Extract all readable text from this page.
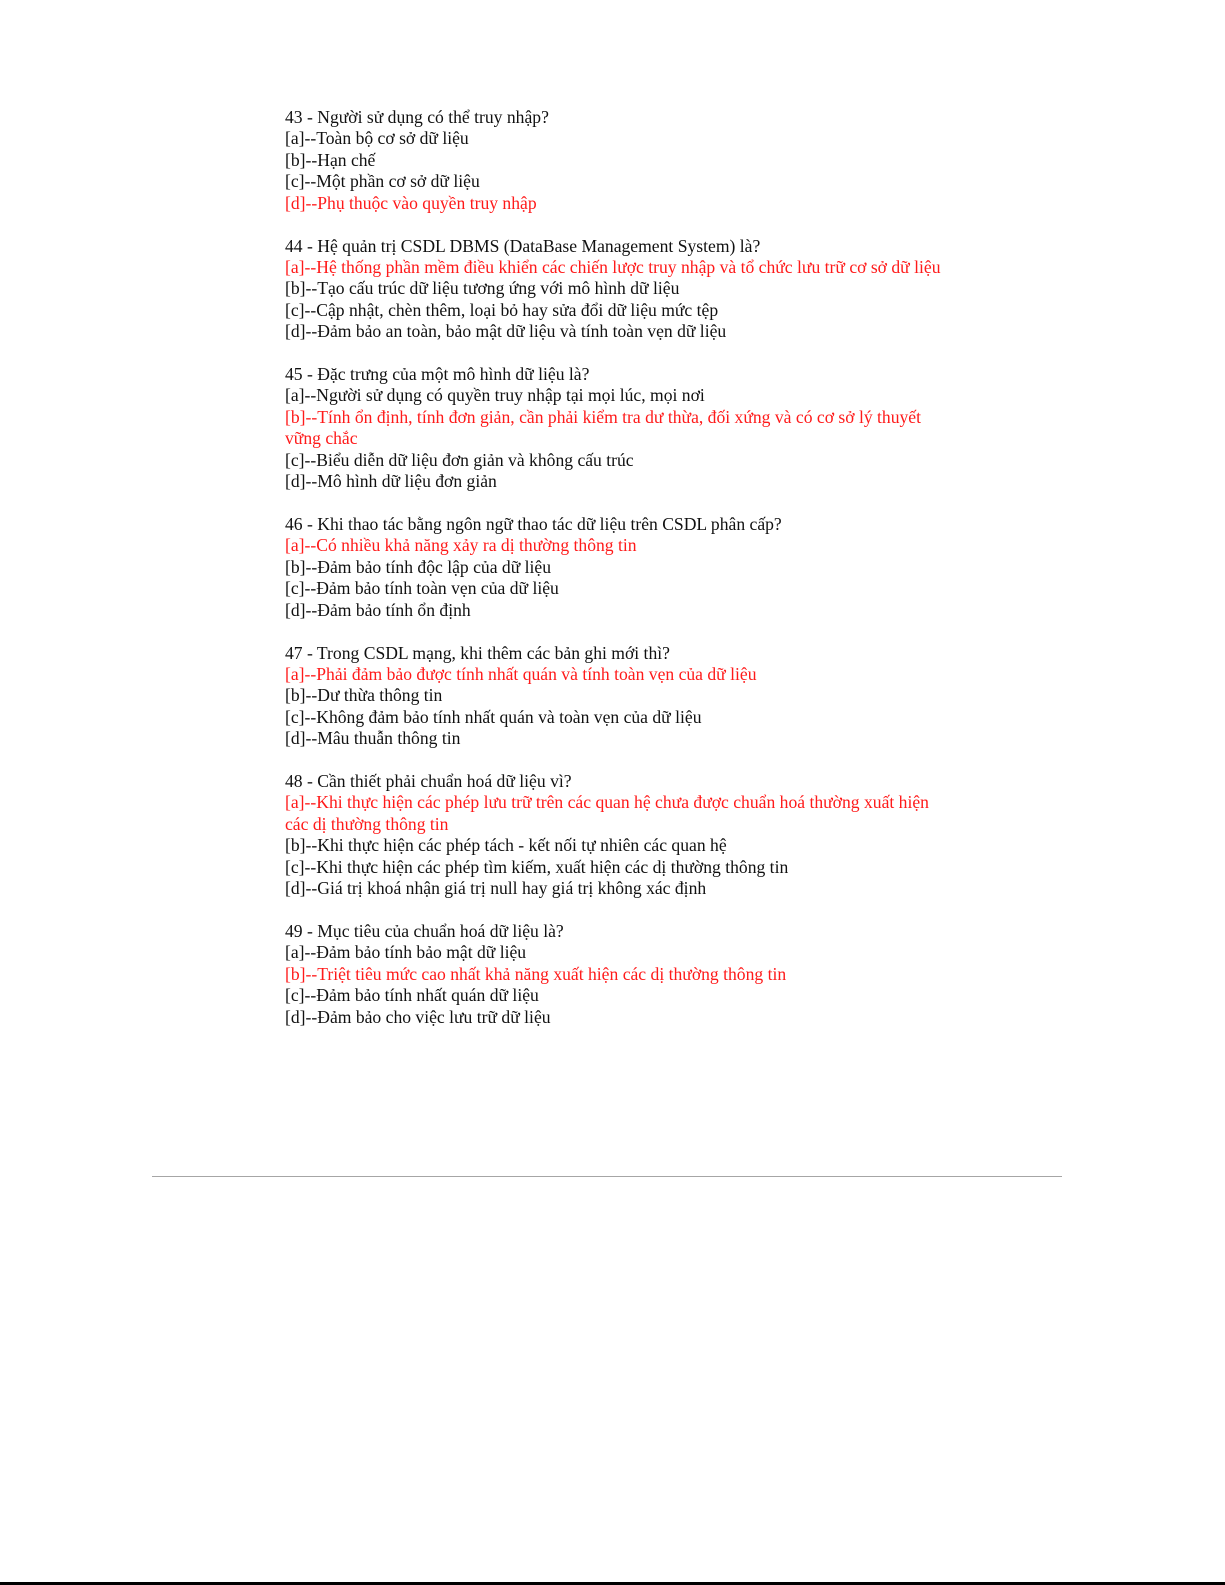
43 - Người sử dụng có thể truy nhập?
[a]--Toàn bộ cơ sở dữ liệu
[b]--Hạn chế
[c]--Một phần cơ sở dữ liệu
[d]--Phụ thuộc vào quyền truy nhập
44 - Hệ quản trị CSDL DBMS (DataBase Management System) là?
[a]--Hệ thống phần mềm điều khiển các chiến lược truy nhập và tổ chức lưu trữ cơ sở dữ liệu
[b]--Tạo cấu trúc dữ liệu tương ứng với mô hình dữ liệu
[c]--Cập nhật, chèn thêm, loại bỏ hay sửa đổi dữ liệu mức tệp
[d]--Đảm bảo an toàn, bảo mật dữ liệu và tính toàn vẹn dữ liệu
45 - Đặc trưng của một mô hình dữ liệu là?
[a]--Người sử dụng có quyền truy nhập tại mọi lúc, mọi nơi
[b]--Tính ổn định, tính đơn giản, cần phải kiểm tra dư thừa, đối xứng và có cơ sở lý thuyết vững chắc
[c]--Biểu diễn dữ liệu đơn giản và không cấu trúc
[d]--Mô hình dữ liệu đơn giản
46 - Khi thao tác bằng ngôn ngữ thao tác dữ liệu trên CSDL phân cấp?
[a]--Có nhiều khả năng xảy ra dị thường thông tin
[b]--Đảm bảo tính độc lập của dữ liệu
[c]--Đảm bảo tính toàn vẹn của dữ liệu
[d]--Đảm bảo tính ổn định
47 - Trong CSDL mạng, khi thêm các bản ghi mới thì?
[a]--Phải đảm bảo được tính nhất quán và tính toàn vẹn của dữ liệu
[b]--Dư thừa thông tin
[c]--Không đảm bảo tính nhất quán và toàn vẹn của dữ liệu
[d]--Mâu thuẫn thông tin
48 - Cần thiết phải chuẩn hoá dữ liệu vì?
[a]--Khi thực hiện các phép lưu trữ trên các quan hệ chưa được chuẩn hoá thường xuất hiện các dị thường thông tin
[b]--Khi thực hiện các phép tách - kết nối tự nhiên các quan hệ
[c]--Khi thực hiện các phép tìm kiếm, xuất hiện các dị thường thông tin
[d]--Giá trị khoá nhận giá trị null hay giá trị không xác định
49 - Mục tiêu của chuẩn hoá dữ liệu là?
[a]--Đảm bảo tính bảo mật dữ liệu
[b]--Triệt tiêu mức cao nhất khả năng xuất hiện các dị thường thông tin
[c]--Đảm bảo tính nhất quán dữ liệu
[d]--Đảm bảo cho việc lưu trữ dữ liệu
